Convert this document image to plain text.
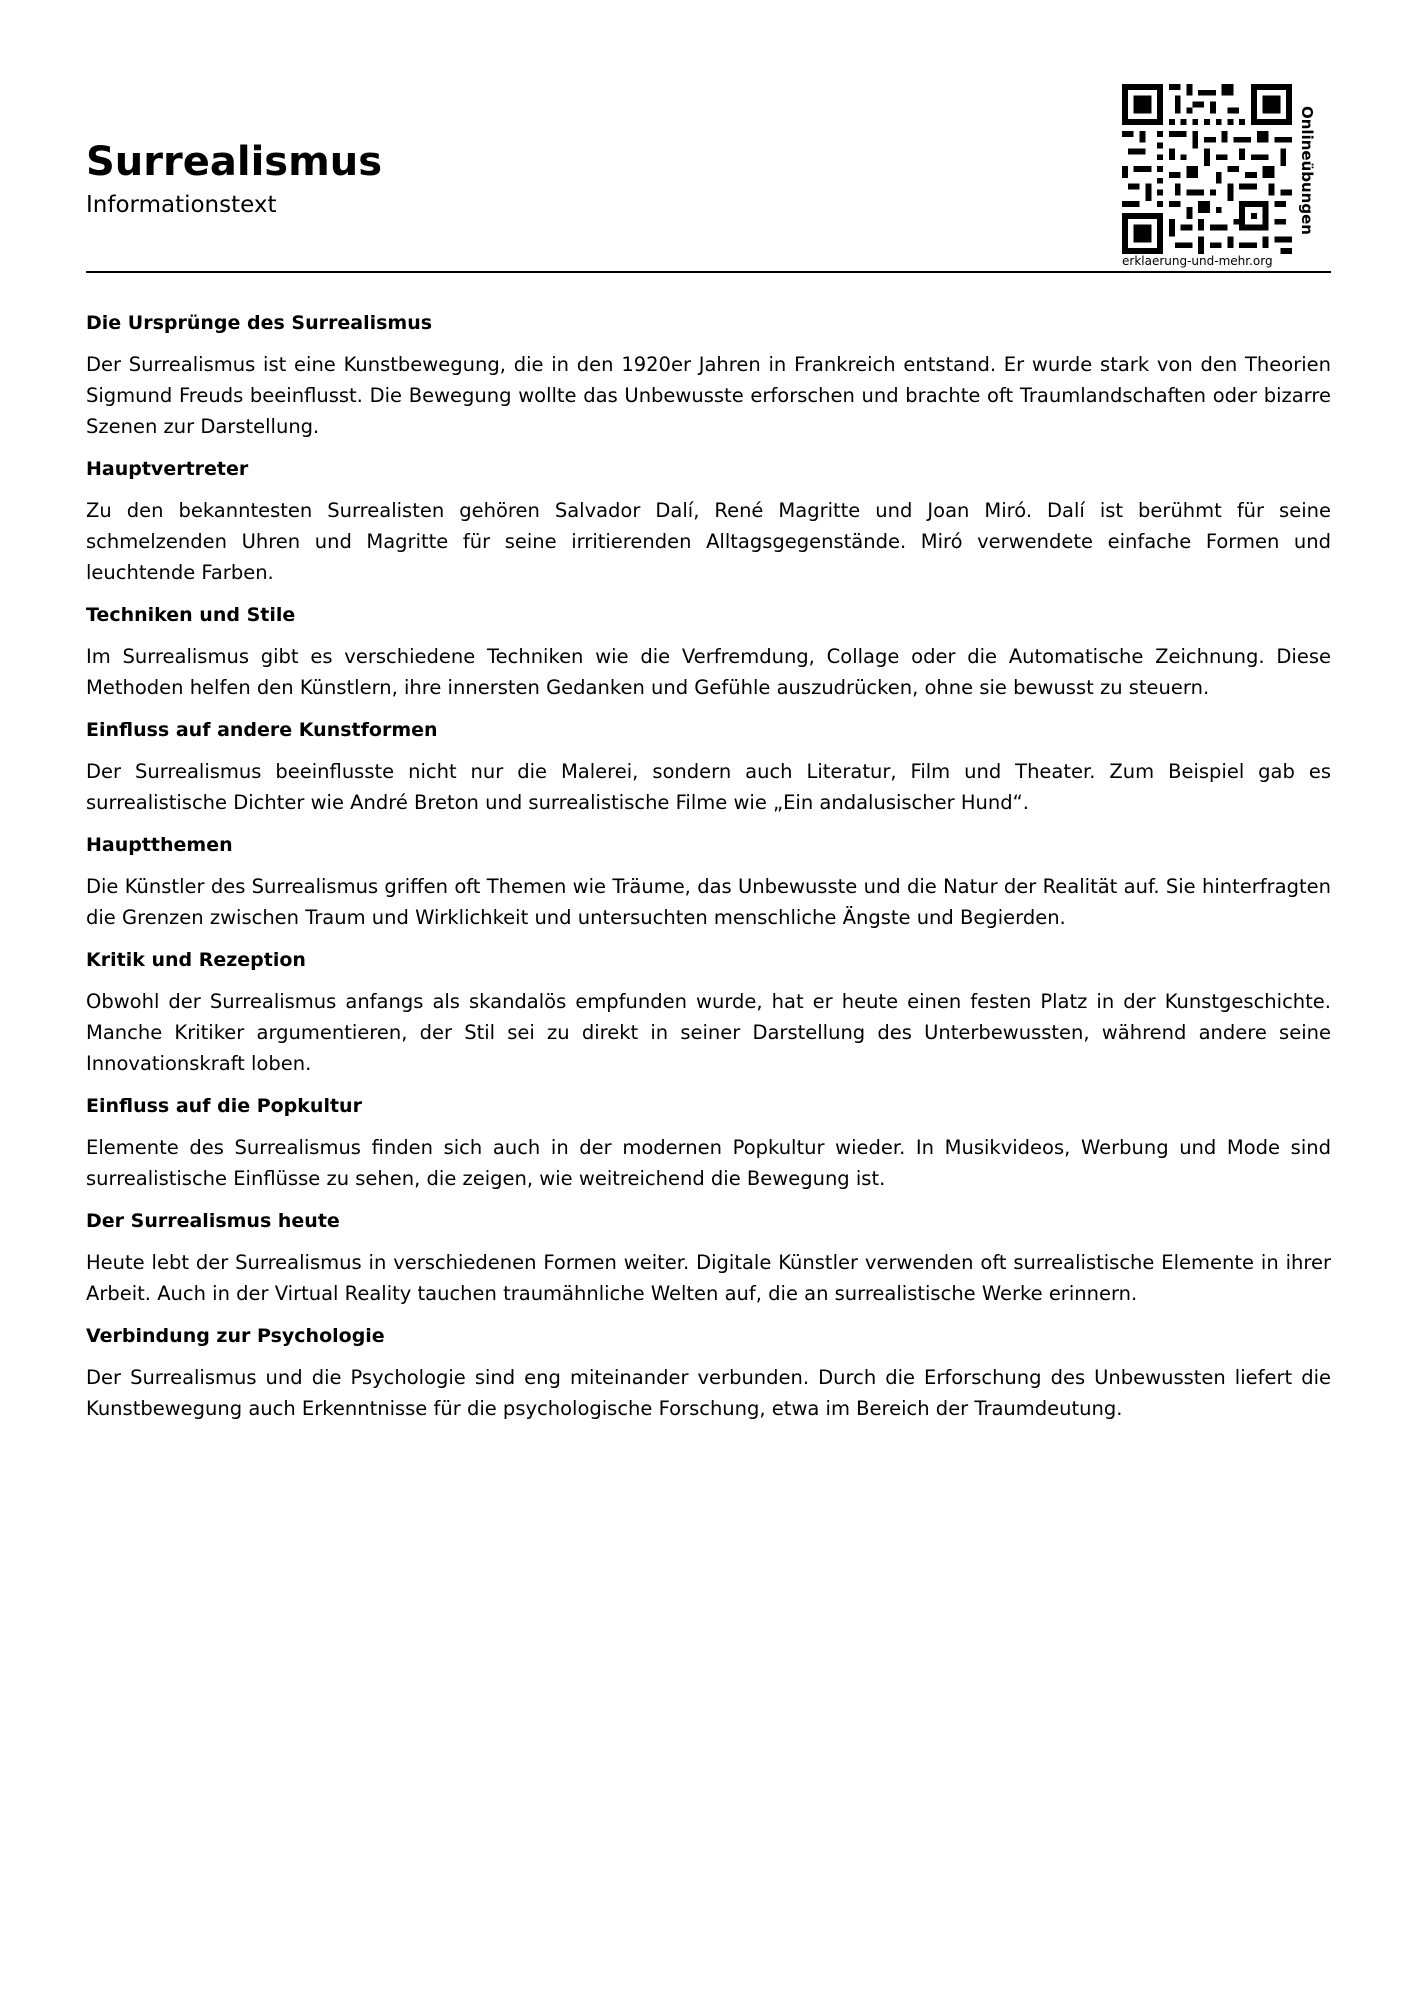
Surrealismus

Informationstext

erklaerung-und-mehr.org
Onlineübungen
Die Ursprünge des Surrealismus

Der Surrealismus ist eine Kunstbewegung, die in den 1920er Jahren in Frankreich entstand. Er wurde stark von den Theorien Sigmund Freuds beeinflusst. Die Bewegung wollte das Unbewusste erforschen und brachte oft Traumlandschaften oder bizarre Szenen zur Darstellung.

Hauptvertreter

Zu den bekanntesten Surrealisten gehören Salvador Dalí, René Magritte und Joan Miró. Dalí ist berühmt für seine schmelzenden Uhren und Magritte für seine irritierenden Alltagsgegenstände. Miró verwendete einfache Formen und leuchtende Farben.

Techniken und Stile

Im Surrealismus gibt es verschiedene Techniken wie die Verfremdung, Collage oder die Automatische Zeichnung. Diese Methoden helfen den Künstlern, ihre innersten Gedanken und Gefühle auszudrücken, ohne sie bewusst zu steuern.

Einfluss auf andere Kunstformen

Der Surrealismus beeinflusste nicht nur die Malerei, sondern auch Literatur, Film und Theater. Zum Beispiel gab es surrealistische Dichter wie André Breton und surrealistische Filme wie „Ein andalusischer Hund“.

Hauptthemen

Die Künstler des Surrealismus griffen oft Themen wie Träume, das Unbewusste und die Natur der Realität auf. Sie hinterfragten die Grenzen zwischen Traum und Wirklichkeit und untersuchten menschliche Ängste und Begierden.

Kritik und Rezeption

Obwohl der Surrealismus anfangs als skandalös empfunden wurde, hat er heute einen festen Platz in der Kunstgeschichte. Manche Kritiker argumentieren, der Stil sei zu direkt in seiner Darstellung des Unterbewussten, während andere seine Innovationskraft loben.

Einfluss auf die Popkultur

Elemente des Surrealismus finden sich auch in der modernen Popkultur wieder. In Musikvideos, Werbung und Mode sind surrealistische Einflüsse zu sehen, die zeigen, wie weitreichend die Bewegung ist.

Der Surrealismus heute

Heute lebt der Surrealismus in verschiedenen Formen weiter. Digitale Künstler verwenden oft surrealistische Elemente in ihrer Arbeit. Auch in der Virtual Reality tauchen traumähnliche Welten auf, die an surrealistische Werke erinnern.

Verbindung zur Psychologie

Der Surrealismus und die Psychologie sind eng miteinander verbunden. Durch die Erforschung des Unbewussten liefert die Kunstbewegung auch Erkenntnisse für die psychologische Forschung, etwa im Bereich der Traumdeutung.
